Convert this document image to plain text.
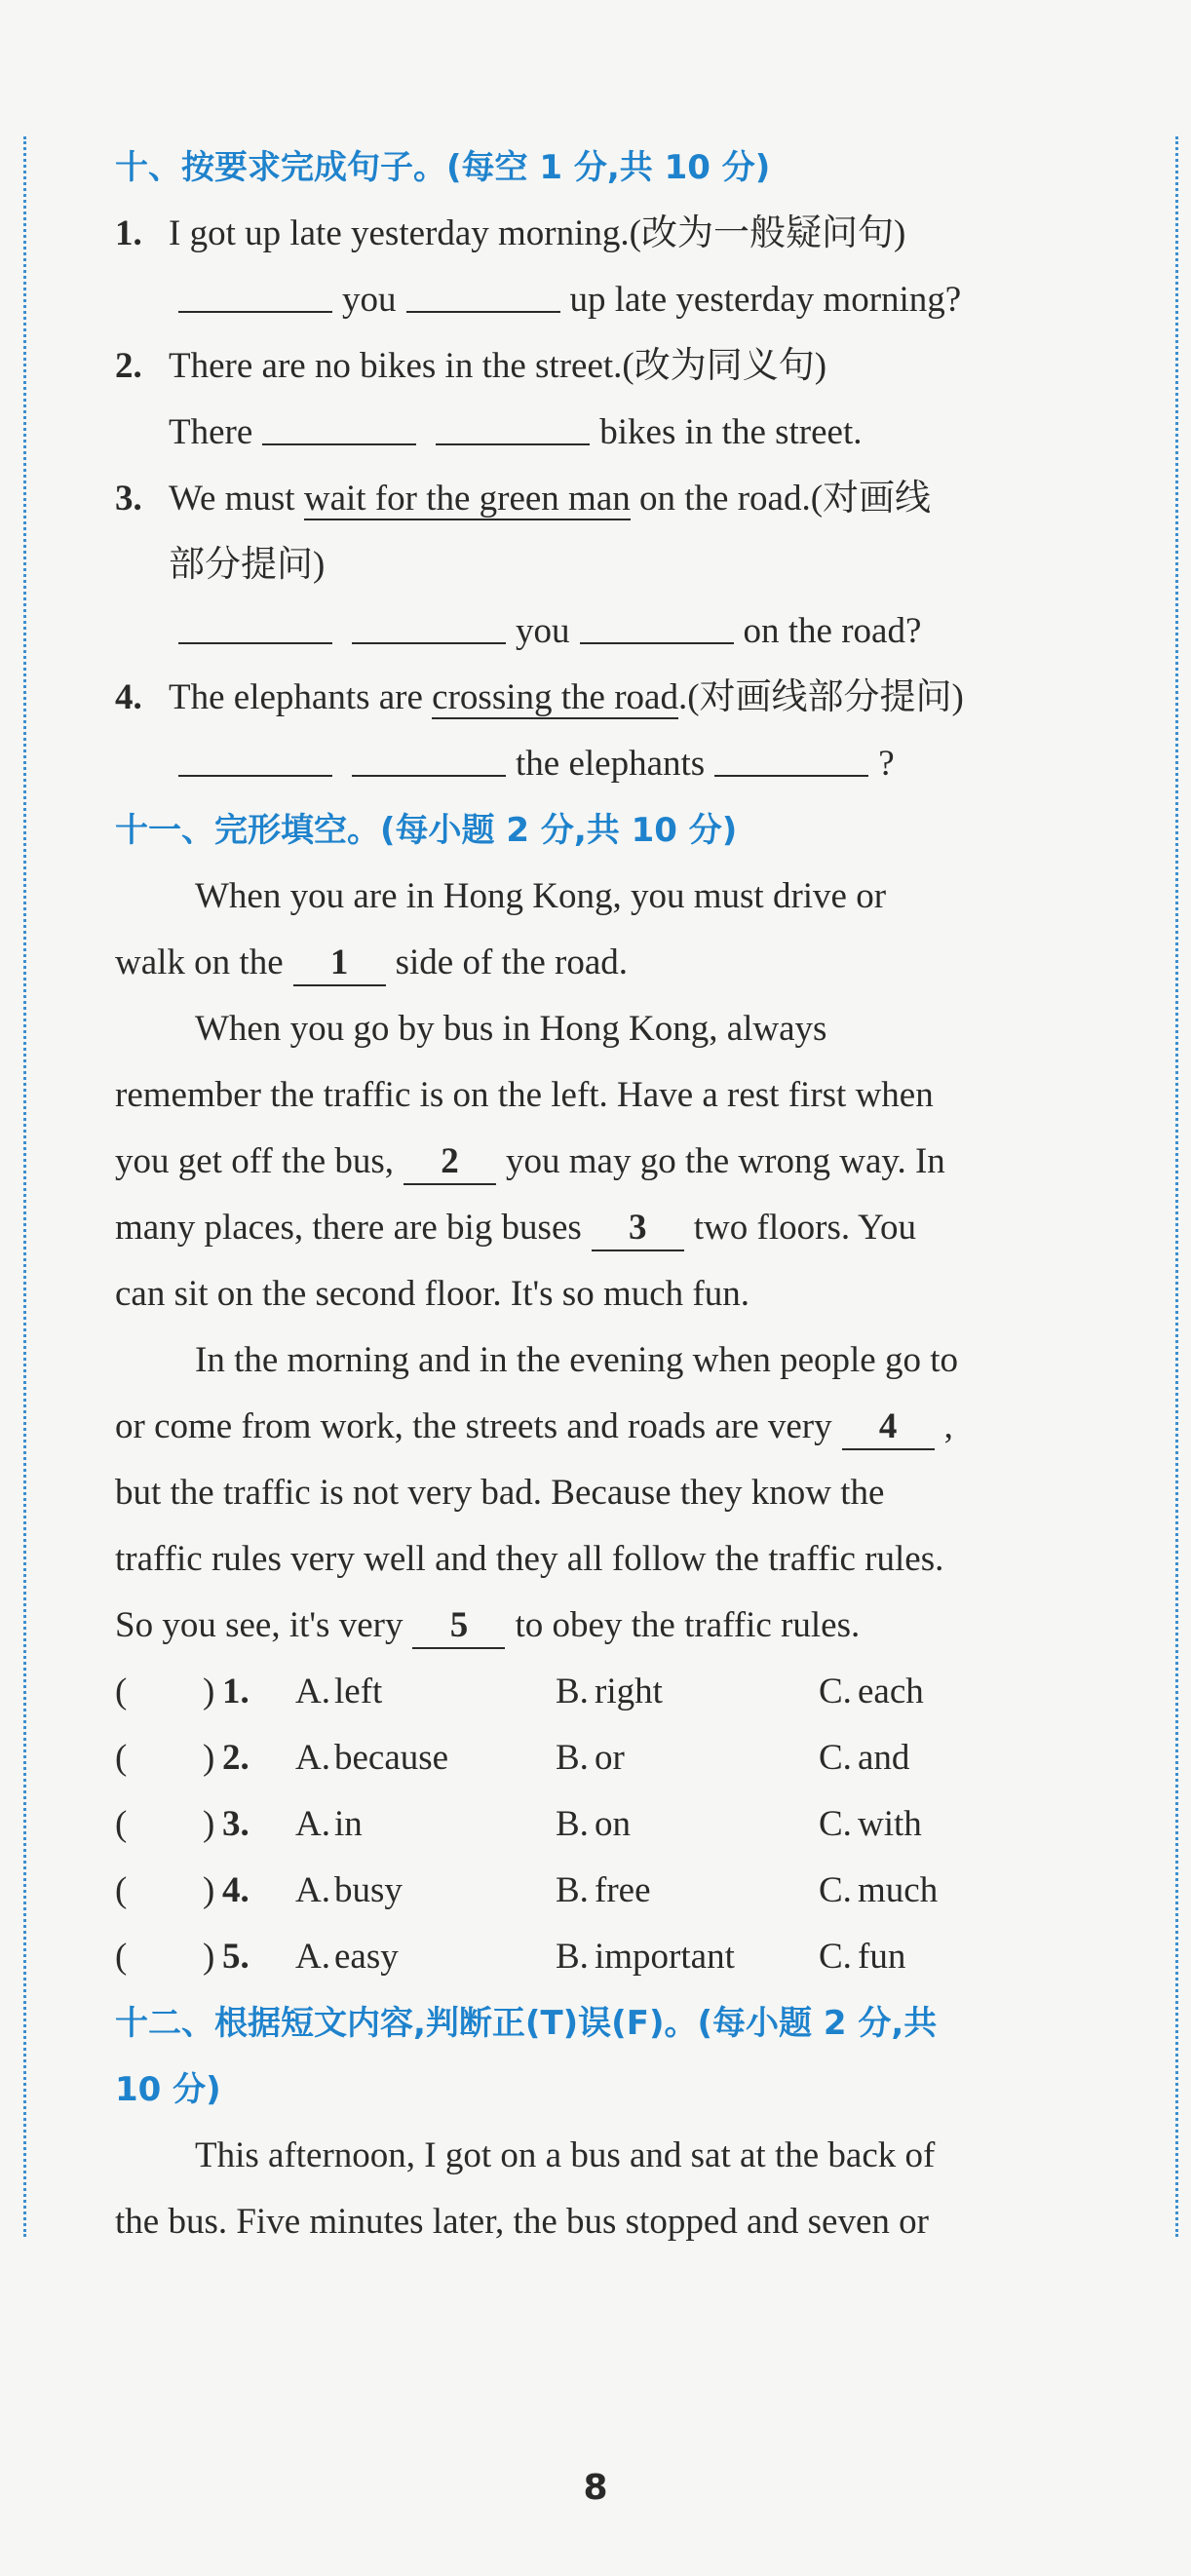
十、按要求完成句子。(每空 1 分,共 10 分)
1. I got up late yesterday morning.(改为一般疑问句)
you	up late yesterday morning?
2. There are no bikes in the street.(改为同义句)
There	bikes in the street.
3. We must wait for the green man on the road.(对画线
部分提问)
you	on the road?
4. The elephants are crossing the road.(对画线部分提问)
the elephants	?
十一、完形填空。(每小题 2 分,共 10 分)
When you are in Hong Kong, you must drive or
walk on the 1 side of the road.
When you go by bus in Hong Kong, always
remember the traffic is on the left. Have a rest first when
you get off the bus, 2 you may go the wrong way. In
many places, there are big buses 3 two floors. You
can sit on the second floor. It's so much fun.
In the morning and in the evening when people go to
or come from work, the streets and roads are very 4 ,
but the traffic is not very bad. Because they know the
traffic rules very well and they all follow the traffic rules.
So you see, it's very 5 to obey the traffic rules.
( ) 1. A. left	B. right	C. each
( ) 2. A. because	B. or	C. and
( ) 3. A. in	B. on	C. with
( ) 4. A. busy	B. free	C. much
( ) 5. A. easy	B. important C. fun
十二、根据短文内容,判断正(T)误(F)。(每小题 2 分,共
10 分)
This afternoon, I got on a bus and sat at the back of
the bus. Five minutes later, the bus stopped and seven or
8
